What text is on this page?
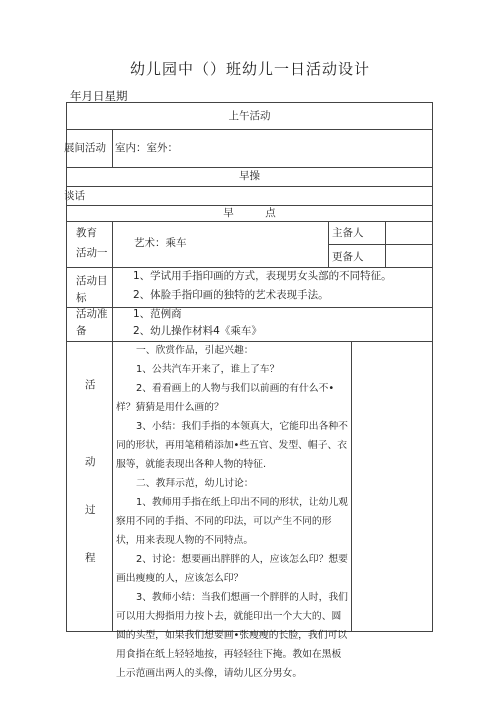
幼儿园中（）班幼儿一日活动设计
年月日星期
上午活动
展间活动 室内：室外：
早操
谈话
早　　　点
教育
活动一
艺术：乘车
主备人
更备人
活动目
标
1、学试用手指印画的方式，表现男女头部的不同特征。
2、体脸手指印画的独特的艺术表现手法。
活动准
备
1、范例商
2、幼儿操作材料4《乘车》
活
动
过
程

一、欣赏作品，引起兴趣：

1、公共汽车开来了，谁上了车？

2、看看画上的人物与我们以前画的有什么不•样？猜猜是用什么画的？

3、小结：我们手指的本领真大，它能印出各种不同的形状，再用笔稍稍添加•些五官、发型、帽子、衣服等，就能表现出各种人物的特征.

二、教拜示范，幼儿讨论：

1、教师用手指在纸上印出不同的形状，让幼儿观察用不同的手指、不同的印法，可以产生不同的形状，用来表现人物的不同特点。

2、讨论：想要画出胖胖的人，应该怎么印？想要画出瘦瘦的人，应该怎么印？

3、教师小结：当我们想画一个胖胖的人时，我们可以用大拇指用力按卜去，就能印出一个大大的、圆圆的头型，如果我们想要画•张瘦瘦的长脸，我们可以用食指在纸上轻轻地按，再轻轻往下掩。教如在黑板上示范画出两人的头像，请幼儿区分男女。
